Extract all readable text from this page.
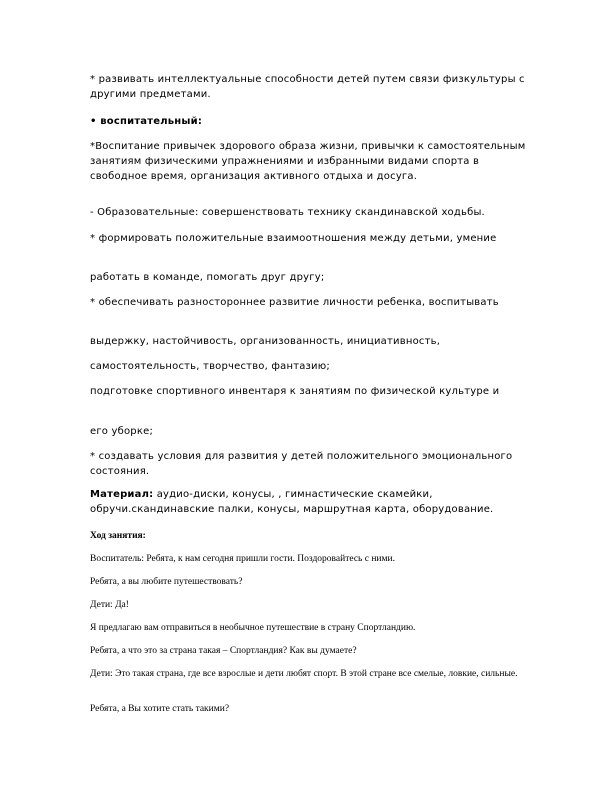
* развивать интеллектуальные способности детей путем связи физкультуры с другими предметами.

• воспитательный:

*Воспитание привычек здорового образа жизни, привычки к самостоятельным занятиям физическими упражнениями и избранными видами спорта в свободное время, организация активного отдыха и досуга.

- Образовательные: совершенствовать технику скандинавской ходьбы.

* формировать положительные взаимоотношения между детьми, умение

работать в команде, помогать друг другу;

* обеспечивать разностороннее развитие личности ребенка, воспитывать

выдержку, настойчивость, организованность, инициативность,

самостоятельность, творчество, фантазию;

подготовке спортивного инвентаря к занятиям по физической культуре и

его уборке;

* создавать условия для развития у детей положительного эмоционального состояния.

Материал: аудио-диски, конусы, , гимнастические скамейки, обручи.скандинавские палки, конусы, маршрутная карта, оборудование.

Ход занятия:

Воспитатель: Ребята, к нам сегодня пришли гости. Поздоровайтесь с ними.

Ребята, а вы любите путешествовать?

Дети: Да!

Я предлагаю вам отправиться в необычное путешествие в страну Спортландию.

Ребята, а что это за страна такая – Спортландия? Как вы думаете?

Дети: Это такая страна, где все взрослые и дети любят спорт. В этой стране все смелые, ловкие, сильные.

Ребята, а Вы хотите стать такими?
